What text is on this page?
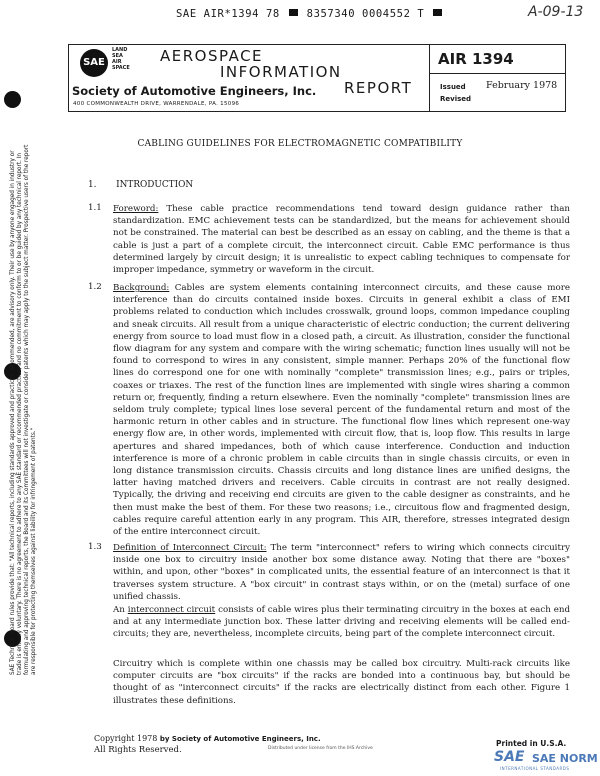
SAE AIR*1394 78	8357340 0004552 T	A-09-13
SAE
LAND
SEA
AIR
SPACE
AEROSPACE
INFORMATION
REPORT
Society of Automotive Engineers, Inc.
400 COMMONWEALTH DRIVE, WARRENDALE, PA. 15096
AIR 1394
Issued February 1978
Revised
CABLING GUIDELINES FOR ELECTROMAGNETIC COMPATIBILITY
SAE Technical Board rules provide that: "All technical reports, including standards approved and practices recommended, are advisory only. Their use by anyone engaged in industry or trade is entirely voluntary. There is no agreement to adhere to any SAE standard or recommended practice, and no commitment to conform to or be guided by any technical report. In formulating and approving technical reports, the Board and its Committees will not investigate or consider patents which may apply to the subject matter. Prospective users of the report are responsible for protecting themselves against liability for infringement of patents."
1. INTRODUCTION
1.1 Foreword: These cable practice recommendations tend toward design guidance rather than standardization. EMC achievement tests can be standardized, but the means for achievement should not be constrained. The material can best be described as an essay on cabling, and the theme is that a cable is just a part of a complete circuit, the interconnect circuit. Cable EMC performance is thus determined largely by circuit design; it is unrealistic to expect cabling techniques to compensate for improper impedance, symmetry or waveform in the circuit.
1.2 Background: Cables are system elements containing interconnect circuits, and these cause more interference than do circuits contained inside boxes. Circuits in general exhibit a class of EMI problems related to conduction which includes crosswalk, ground loops, common impedance coupling and sneak circuits. All result from a unique characteristic of electric conduction; the current delivering energy from source to load must flow in a closed path, a circuit. As illustration, consider the functional flow diagram for any system and compare with the wiring schematic; function lines usually will not be found to correspond to wires in any consistent, simple manner. Perhaps 20% of the functional flow lines do correspond one for one with nominally "complete" transmission lines; e.g., pairs or triples, coaxes or triaxes. The rest of the function lines are implemented with single wires sharing a common return or, frequently, finding a return elsewhere. Even the nominally "complete" transmission lines are seldom truly complete; typical lines lose several percent of the fundamental return and most of the harmonic return in other cables and in structure. The functional flow lines which represent one-way energy flow are, in other words, implemented with circuit flow, that is, loop flow. This results in large apertures and shared impedances, both of which cause interference. Conduction and induction interference is more of a chronic problem in cable circuits than in single chassis circuits, or even in long distance transmission circuits. Chassis circuits and long distance lines are unified designs, the latter having matched drivers and receivers. Cable circuits in contrast are not really designed. Typically, the driving and receiving end circuits are given to the cable designer as constraints, and he then must make the best of them. For these two reasons; i.e., circuitous flow and fragmented design, cables require careful attention early in any program. This AIR, therefore, stresses integrated design of the entire interconnect circuit.
1.3 Definition of Interconnect Circuit: The term "interconnect" refers to wiring which connects circuitry inside one box to circuitry inside another box some distance away. Noting that there are "boxes" within, and upon, other "boxes" in complicated units, the essential feature of an interconnect is that it traverses system structure. A "box circuit" in contrast stays within, or on the (metal) surface of one unified chassis.
An interconnect circuit consists of cable wires plus their terminating circuitry in the boxes at each end and at any intermediate junction box. These latter driving and receiving elements will be called end-circuits; they are, nevertheless, incomplete circuits, being part of the complete interconnect circuit.
Circuitry which is complete within one chassis may be called box circuitry. Multi-rack circuits like computer circuits are "box circuits" if the racks are bonded into a continuous bay, but should be thought of as "interconnect circuits" if the racks are electrically distinct from each other. Figure 1 illustrates these definitions.
Copyright 1978 by Society of Automotive Engineers, Inc.
All Rights Reserved.	Distributed under license from the IHS Archive
Printed in U.S.A.
SAE SAE NORM
INTERNATIONAL STANDARDS
